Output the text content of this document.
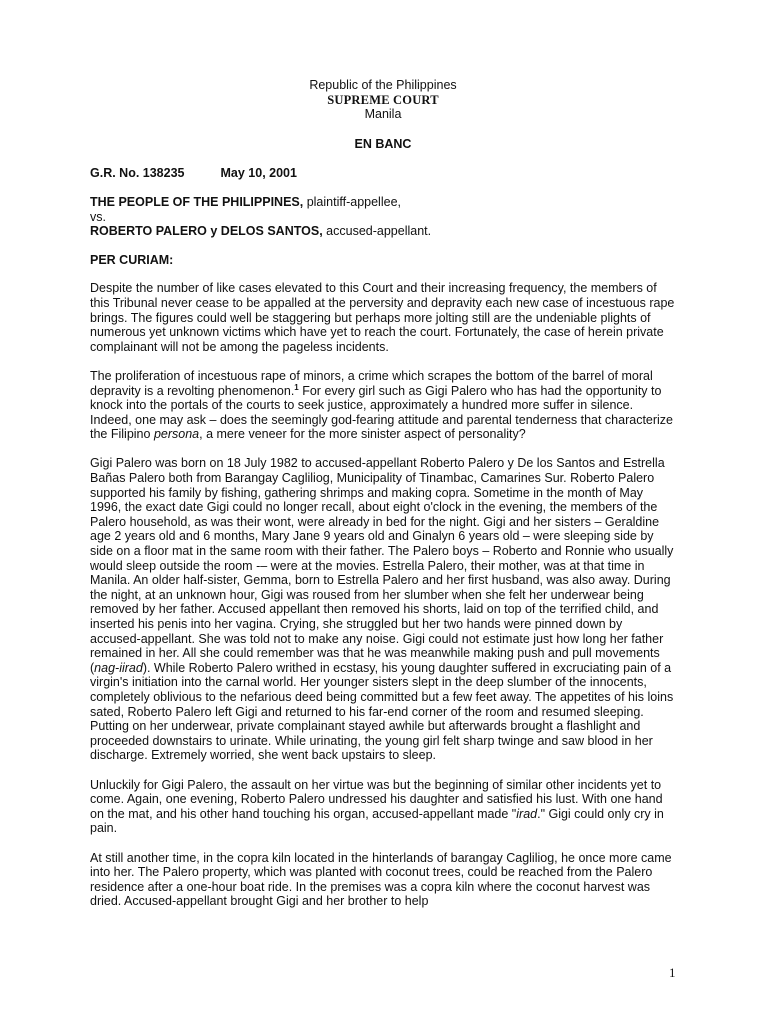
Republic of the Philippines
SUPREME COURT
Manila
EN BANC
G.R. No. 138235	May 10, 2001
THE PEOPLE OF THE PHILIPPINES, plaintiff-appellee,
vs.
ROBERTO PALERO y DELOS SANTOS, accused-appellant.
PER CURIAM:

Despite the number of like cases elevated to this Court and their increasing frequency, the members of this Tribunal never cease to be appalled at the perversity and depravity each new case of incestuous rape brings. The figures could well be staggering but perhaps more jolting still are the undeniable plights of numerous yet unknown victims which have yet to reach the court. Fortunately, the case of herein private complainant will not be among the pageless incidents.

The proliferation of incestuous rape of minors, a crime which scrapes the bottom of the barrel of moral depravity is a revolting phenomenon.$^1$ For every girl such as Gigi Palero who has had the opportunity to knock into the portals of the courts to seek justice, approximately a hundred more suffer in silence. Indeed, one may ask – does the seemingly god-fearing attitude and parental tenderness that characterize the Filipino persona, a mere veneer for the more sinister aspect of personality?

Gigi Palero was born on 18 July 1982 to accused-appellant Roberto Palero y De los Santos and Estrella Bañas Palero both from Barangay Cagliliog, Municipality of Tinambac, Camarines Sur. Roberto Palero supported his family by fishing, gathering shrimps and making copra. Sometime in the month of May 1996, the exact date Gigi could no longer recall, about eight o'clock in the evening, the members of the Palero household, as was their wont, were already in bed for the night. Gigi and her sisters – Geraldine age 2 years old and 6 months, Mary Jane 9 years old and Ginalyn 6 years old – were sleeping side by side on a floor mat in the same room with their father. The Palero boys – Roberto and Ronnie who usually would sleep outside the room -– were at the movies. Estrella Palero, their mother, was at that time in Manila. An older half-sister, Gemma, born to Estrella Palero and her first husband, was also away. During the night, at an unknown hour, Gigi was roused from her slumber when she felt her underwear being removed by her father. Accused appellant then removed his shorts, laid on top of the terrified child, and inserted his penis into her vagina. Crying, she struggled but her two hands were pinned down by accused-appellant. She was told not to make any noise. Gigi could not estimate just how long her father remained in her. All she could remember was that he was meanwhile making push and pull movements (nag-iirad). While Roberto Palero writhed in ecstasy, his young daughter suffered in excruciating pain of a virgin's initiation into the carnal world. Her younger sisters slept in the deep slumber of the innocents, completely oblivious to the nefarious deed being committed but a few feet away. The appetites of his loins sated, Roberto Palero left Gigi and returned to his far-end corner of the room and resumed sleeping. Putting on her underwear, private complainant stayed awhile but afterwards brought a flashlight and proceeded downstairs to urinate. While urinating, the young girl felt sharp twinge and saw blood in her discharge. Extremely worried, she went back upstairs to sleep.

Unluckily for Gigi Palero, the assault on her virtue was but the beginning of similar other incidents yet to come. Again, one evening, Roberto Palero undressed his daughter and satisfied his lust. With one hand on the mat, and his other hand touching his organ, accused-appellant made "irad." Gigi could only cry in pain.

At still another time, in the copra kiln located in the hinterlands of barangay Cagliliog, he once more came into her. The Palero property, which was planted with coconut trees, could be reached from the Palero residence after a one-hour boat ride. In the premises was a copra kiln where the coconut harvest was dried. Accused-appellant brought Gigi and her brother to help

1
